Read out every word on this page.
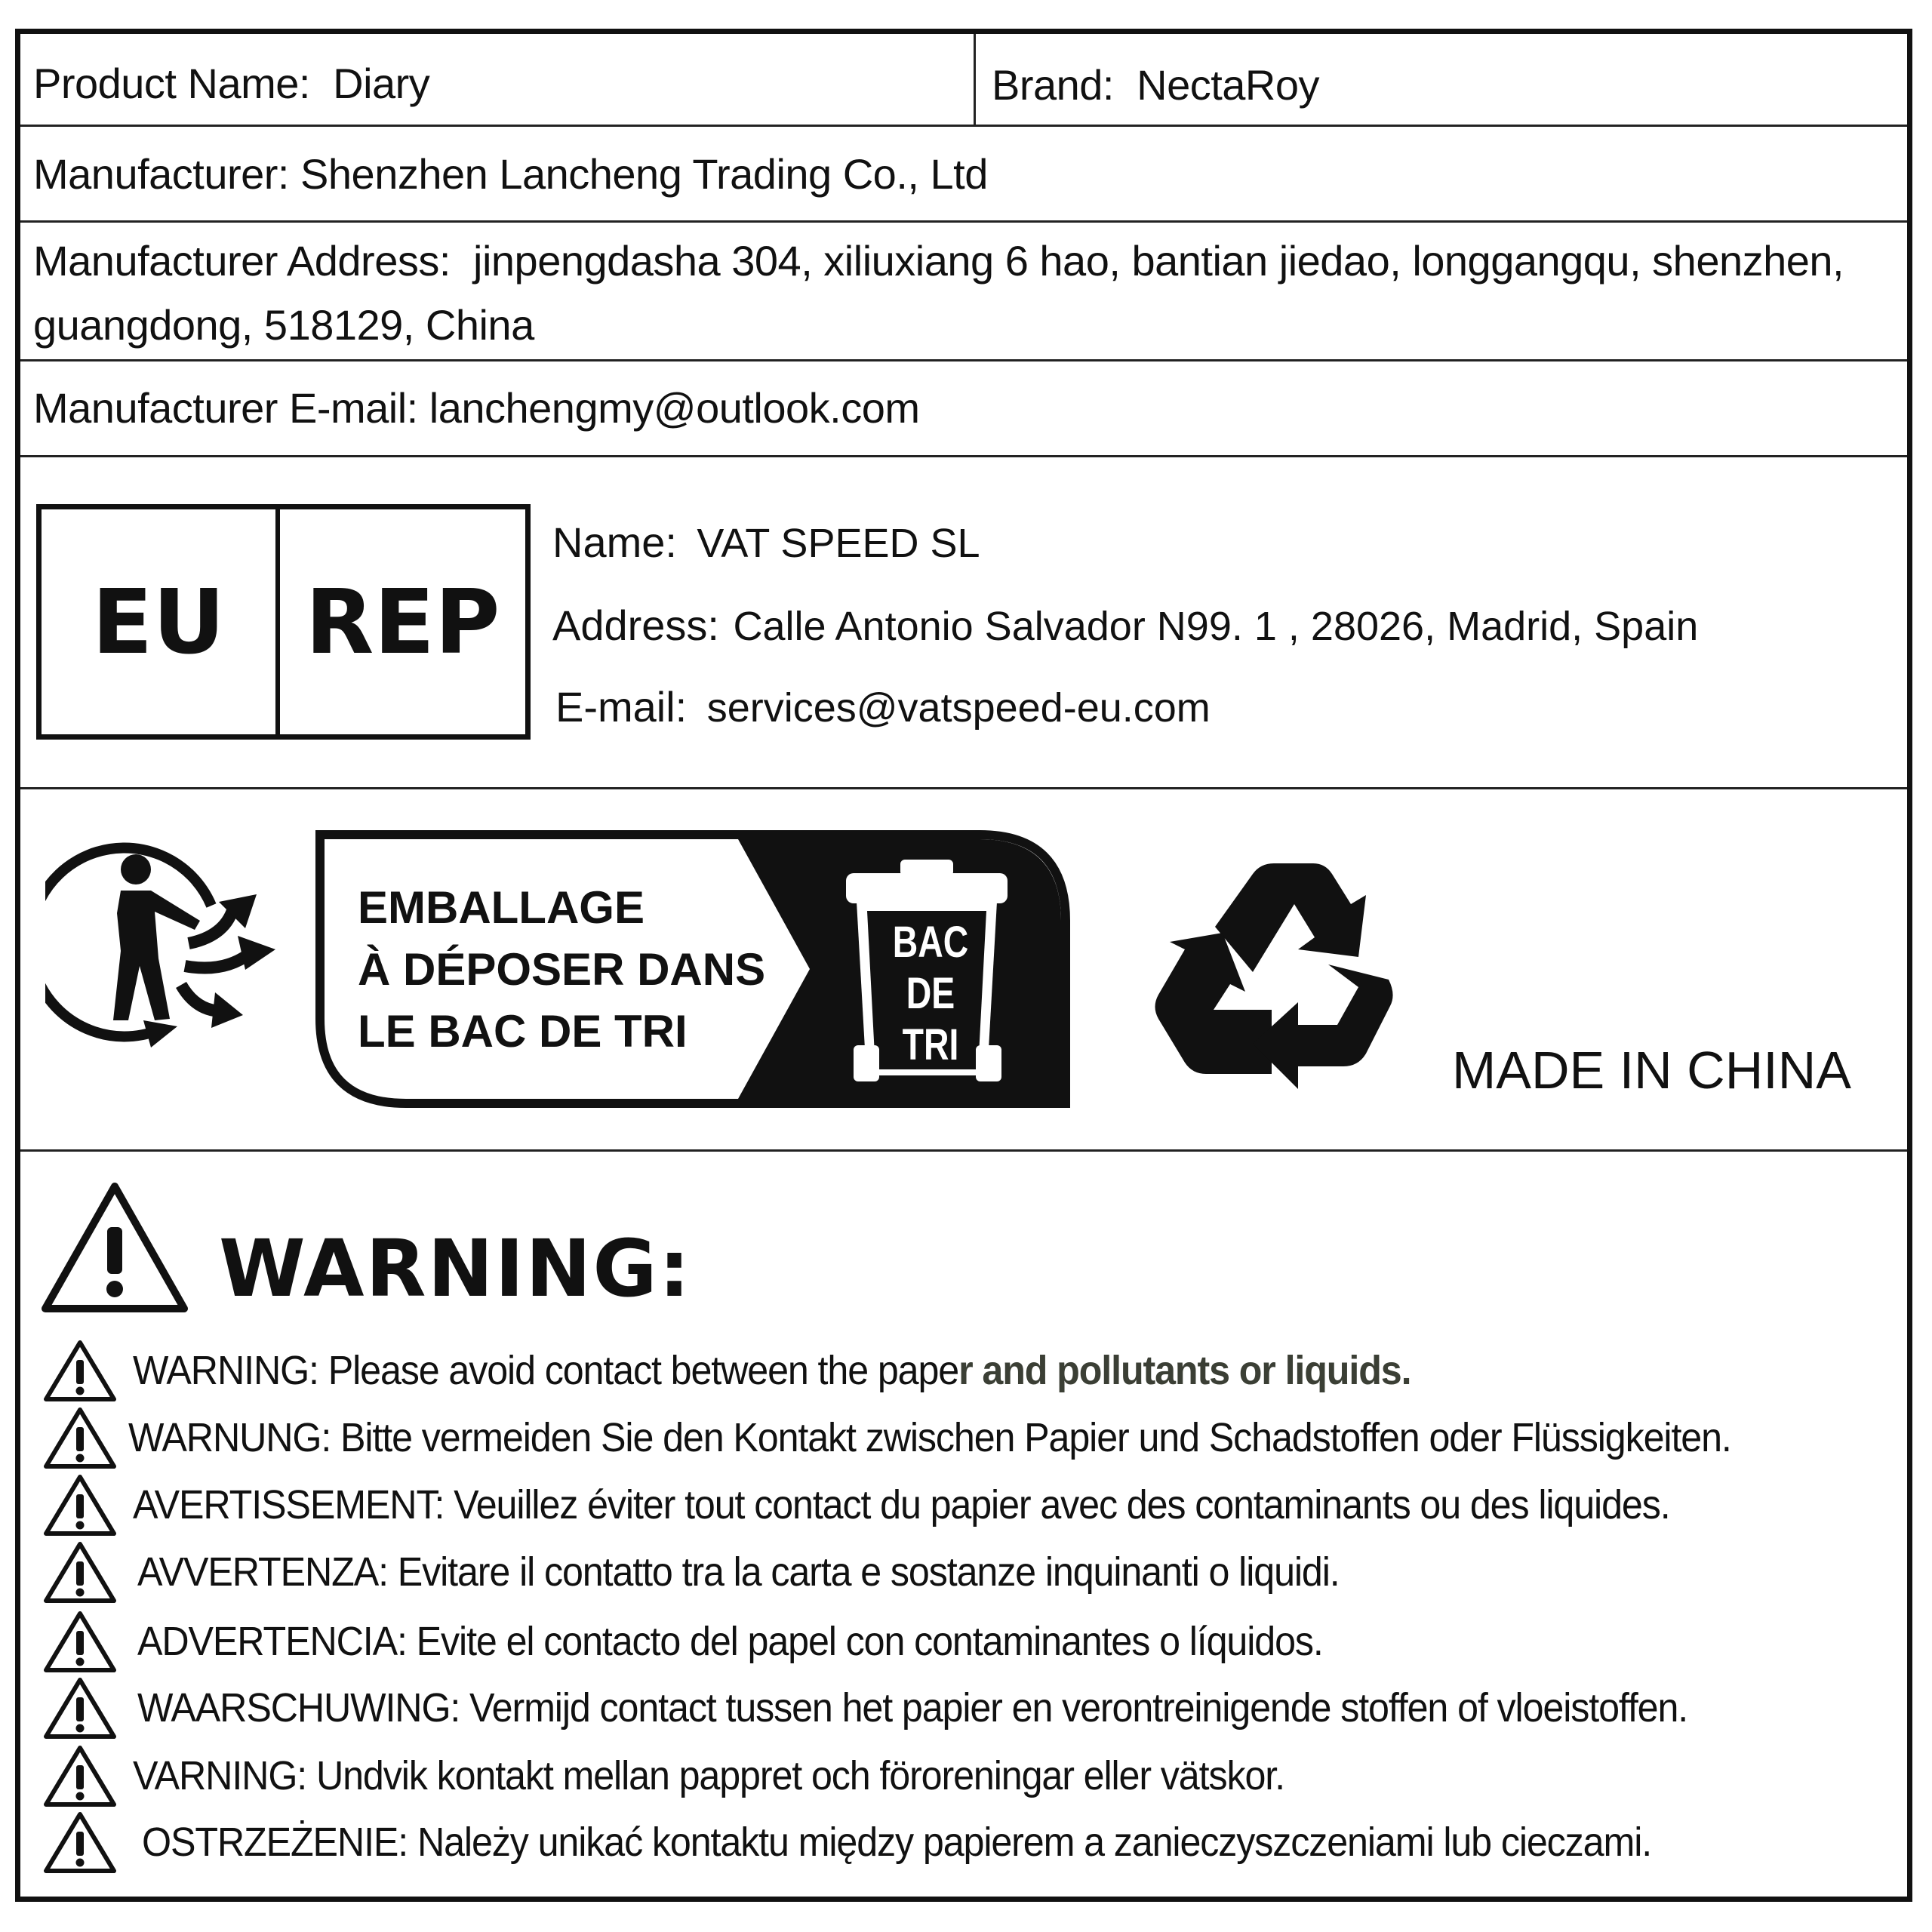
Product Name: Diary	Brand: NectaRoy
Manufacturer: Shenzhen Lancheng Trading Co., Ltd
Manufacturer Address: jinpengdasha 304, xiliuxiang 6 hao, bantian jiedao, longgangqu, shenzhen,
guangdong, 518129, China
Manufacturer E-mail: lanchengmy@outlook.com
EU REP
Name: VAT SPEED SL
Address: Calle Antonio Salvador N99. 1 , 28026, Madrid, Spain
E-mail: services@vatspeed-eu.com
EMBALLAGE
À DÉPOSER DANS
LE BAC DE TRI
BAC
DE
TRI	MADE IN CHINA
WARNING:
WARNING: Please avoid contact between the paper and pollutants or liquids.
WARNUNG: Bitte vermeiden Sie den Kontakt zwischen Papier und Schadstoffen oder Flüssigkeiten.
AVERTISSEMENT: Veuillez éviter tout contact du papier avec des contaminants ou des liquides.
AVVERTENZA: Evitare il contatto tra la carta e sostanze inquinanti o liquidi.
ADVERTENCIA: Evite el contacto del papel con contaminantes o líquidos.
WAARSCHUWING: Vermijd contact tussen het papier en verontreinigende stoffen of vloeistoffen.
VARNING: Undvik kontakt mellan pappret och föroreningar eller vätskor.
OSTRZEŻENIE: Należy unikać kontaktu między papierem a zanieczyszczeniami lub cieczami.
